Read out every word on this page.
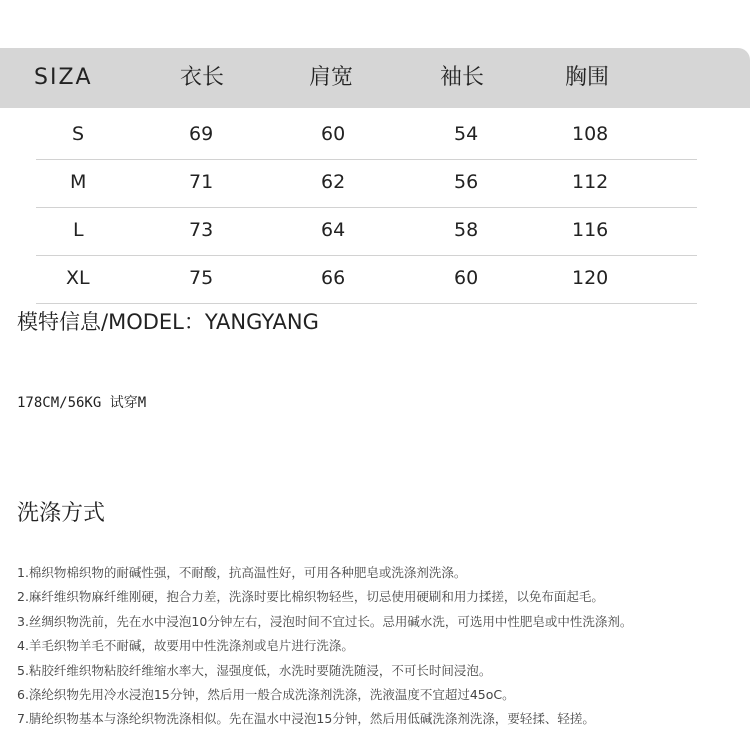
SIZA	衣长	肩宽	袖长	胸围
S	69	60	54	108
M	71	62	56	112
L	73	64	58	116
XL	75	66	60	120
模特信息/MODEL：YANGYANG
178CM/56KG 试穿M
洗涤方式
1.棉织物棉织物的耐碱性强，不耐酸，抗高温性好，可用各种肥皂或洗涤剂洗涤。
2.麻纤维织物麻纤维刚硬，抱合力差，洗涤时要比棉织物轻些，切忌使用硬刷和用力揉搓，以免布面起毛。
3.丝绸织物洗前，先在水中浸泡10分钟左右，浸泡时间不宜过长。忌用碱水洗，可选用中性肥皂或中性洗涤剂。
4.羊毛织物羊毛不耐碱，故要用中性洗涤剂或皂片进行洗涤。
5.粘胶纤维织物粘胶纤维缩水率大，湿强度低，水洗时要随洗随浸，不可长时间浸泡。
6.涤纶织物先用冷水浸泡15分钟，然后用一般合成洗涤剂洗涤，洗液温度不宜超过45oC。
7.腈纶织物基本与涤纶织物洗涤相似。先在温水中浸泡15分钟，然后用低碱洗涤剂洗涤，要轻揉、轻搓。
